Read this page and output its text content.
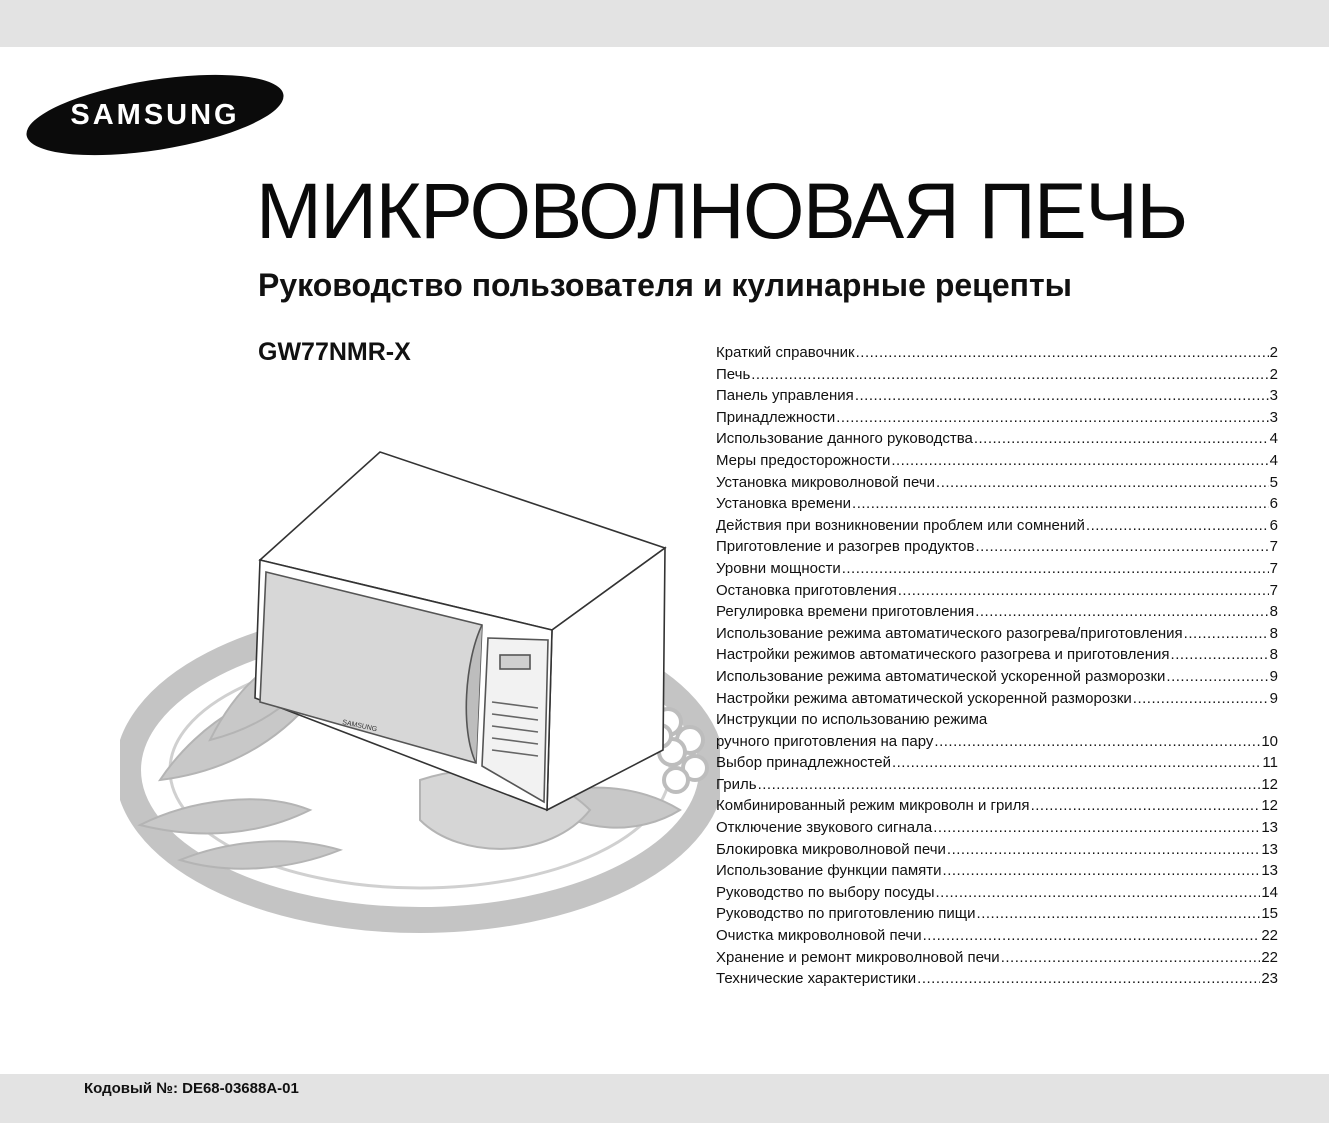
SAMSUNG
МИКРОВОЛНОВАЯ ПЕЧЬ
Руководство пользователя и кулинарные рецепты
GW77NMR-X
SAMSUNG
Краткий справочник .....	2
Печь .....	2
Панель управления .....	3
Принадлежности .....	3
Использование данного руководства .....	4
Меры предосторожности .....	4
Установка микроволновой печи .....	5
Установка времени .....	6
Действия при возникновении проблем или сомнений .....	6
Приготовление и разогрев продуктов .....	7
Уровни мощности .....	7
Остановка приготовления .....	7
Регулировка времени приготовления .....	8
Использование режима автоматического разогрева/приготовления .....	8
Настройки режимов автоматического разогрева и приготовления .....	8
Использование режима автоматической ускоренной разморозки .....	9
Настройки режима автоматической ускоренной разморозки .....	9
Инструкции по использованию режима
ручного приготовления на пару .....	10
Выбор принадлежностей .....	11
Гриль .....	12
Комбинированный режим микроволн и гриля .....	12
Отключение звукового сигнала .....	13
Блокировка микроволновой печи .....	13
Использование функции памяти .....	13
Руководство по выбору посуды .....	14
Руководство по приготовлению пищи .....	15
Очистка микроволновой печи .....	22
Хранение и ремонт микроволновой печи .....	22
Технические характеристики .....	23
Кодовый №: DE68-03688A-01
